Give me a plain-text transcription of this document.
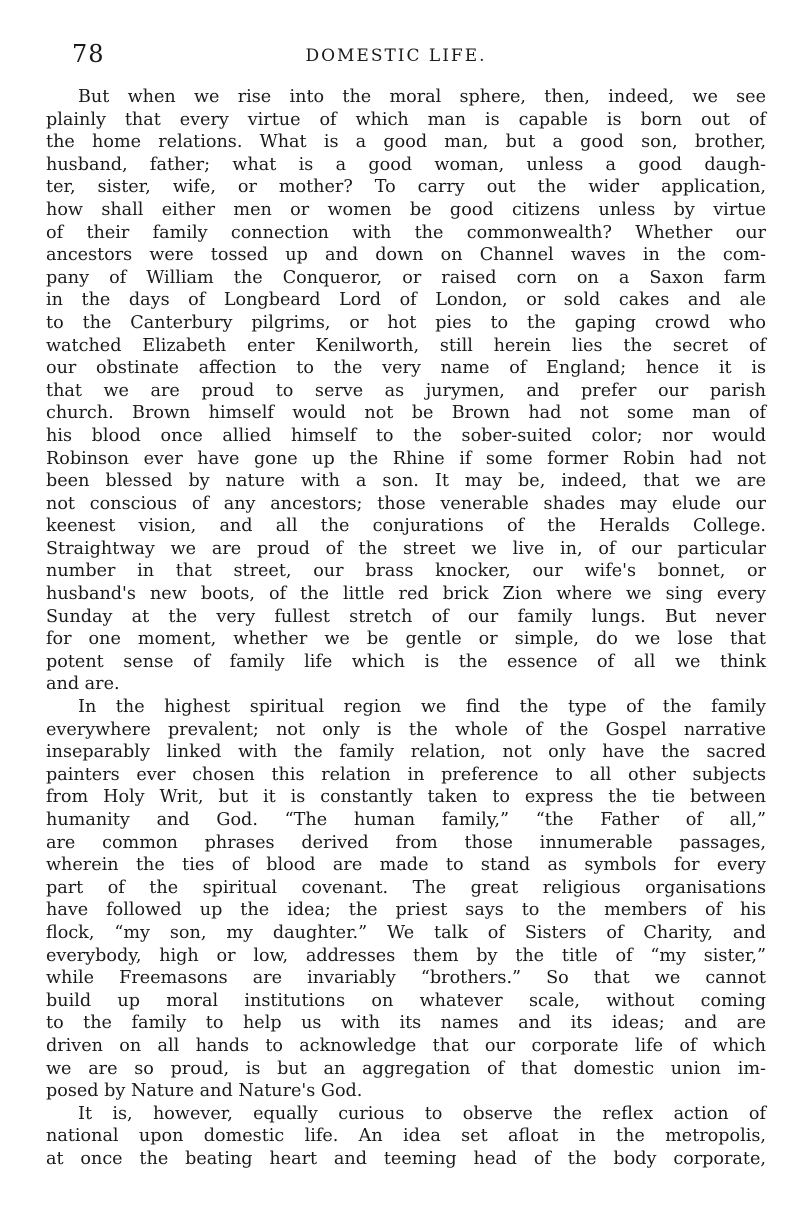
78	DOMESTIC LIFE.
But when we rise into the moral sphere, then, indeed, we see
plainly that every virtue of which man is capable is born out of
the home relations. What is a good man, but a good son, brother,
husband, father; what is a good woman, unless a good daugh-
ter, sister, wife, or mother? To carry out the wider application,
how shall either men or women be good citizens unless by virtue
of their family connection with the commonwealth? Whether our
ancestors were tossed up and down on Channel waves in the com-
pany of William the Conqueror, or raised corn on a Saxon farm
in the days of Longbeard Lord of London, or sold cakes and ale
to the Canterbury pilgrims, or hot pies to the gaping crowd who
watched Elizabeth enter Kenilworth, still herein lies the secret of
our obstinate affection to the very name of England; hence it is
that we are proud to serve as jurymen, and prefer our parish
church. Brown himself would not be Brown had not some man of
his blood once allied himself to the sober-suited color; nor would
Robinson ever have gone up the Rhine if some former Robin had not
been blessed by nature with a son. It may be, indeed, that we are
not conscious of any ancestors; those venerable shades may elude our
keenest vision, and all the conjurations of the Heralds College.
Straightway we are proud of the street we live in, of our particular
number in that street, our brass knocker, our wife's bonnet, or
husband's new boots, of the little red brick Zion where we sing every
Sunday at the very fullest stretch of our family lungs. But never
for one moment, whether we be gentle or simple, do we lose that
potent sense of family life which is the essence of all we think
and are.
In the highest spiritual region we find the type of the family
everywhere prevalent; not only is the whole of the Gospel narrative
inseparably linked with the family relation, not only have the sacred
painters ever chosen this relation in preference to all other subjects
from Holy Writ, but it is constantly taken to express the tie between
humanity and God. “The human family,” “the Father of all,”
are common phrases derived from those innumerable passages,
wherein the ties of blood are made to stand as symbols for every
part of the spiritual covenant. The great religious organisations
have followed up the idea; the priest says to the members of his
flock, “my son, my daughter.” We talk of Sisters of Charity, and
everybody, high or low, addresses them by the title of “my sister,”
while Freemasons are invariably “brothers.” So that we cannot
build up moral institutions on whatever scale, without coming
to the family to help us with its names and its ideas; and are
driven on all hands to acknowledge that our corporate life of which
we are so proud, is but an aggregation of that domestic union im-
posed by Nature and Nature's God.
It is, however, equally curious to observe the reflex action of
national upon domestic life. An idea set afloat in the metropolis,
at once the beating heart and teeming head of the body corporate,
